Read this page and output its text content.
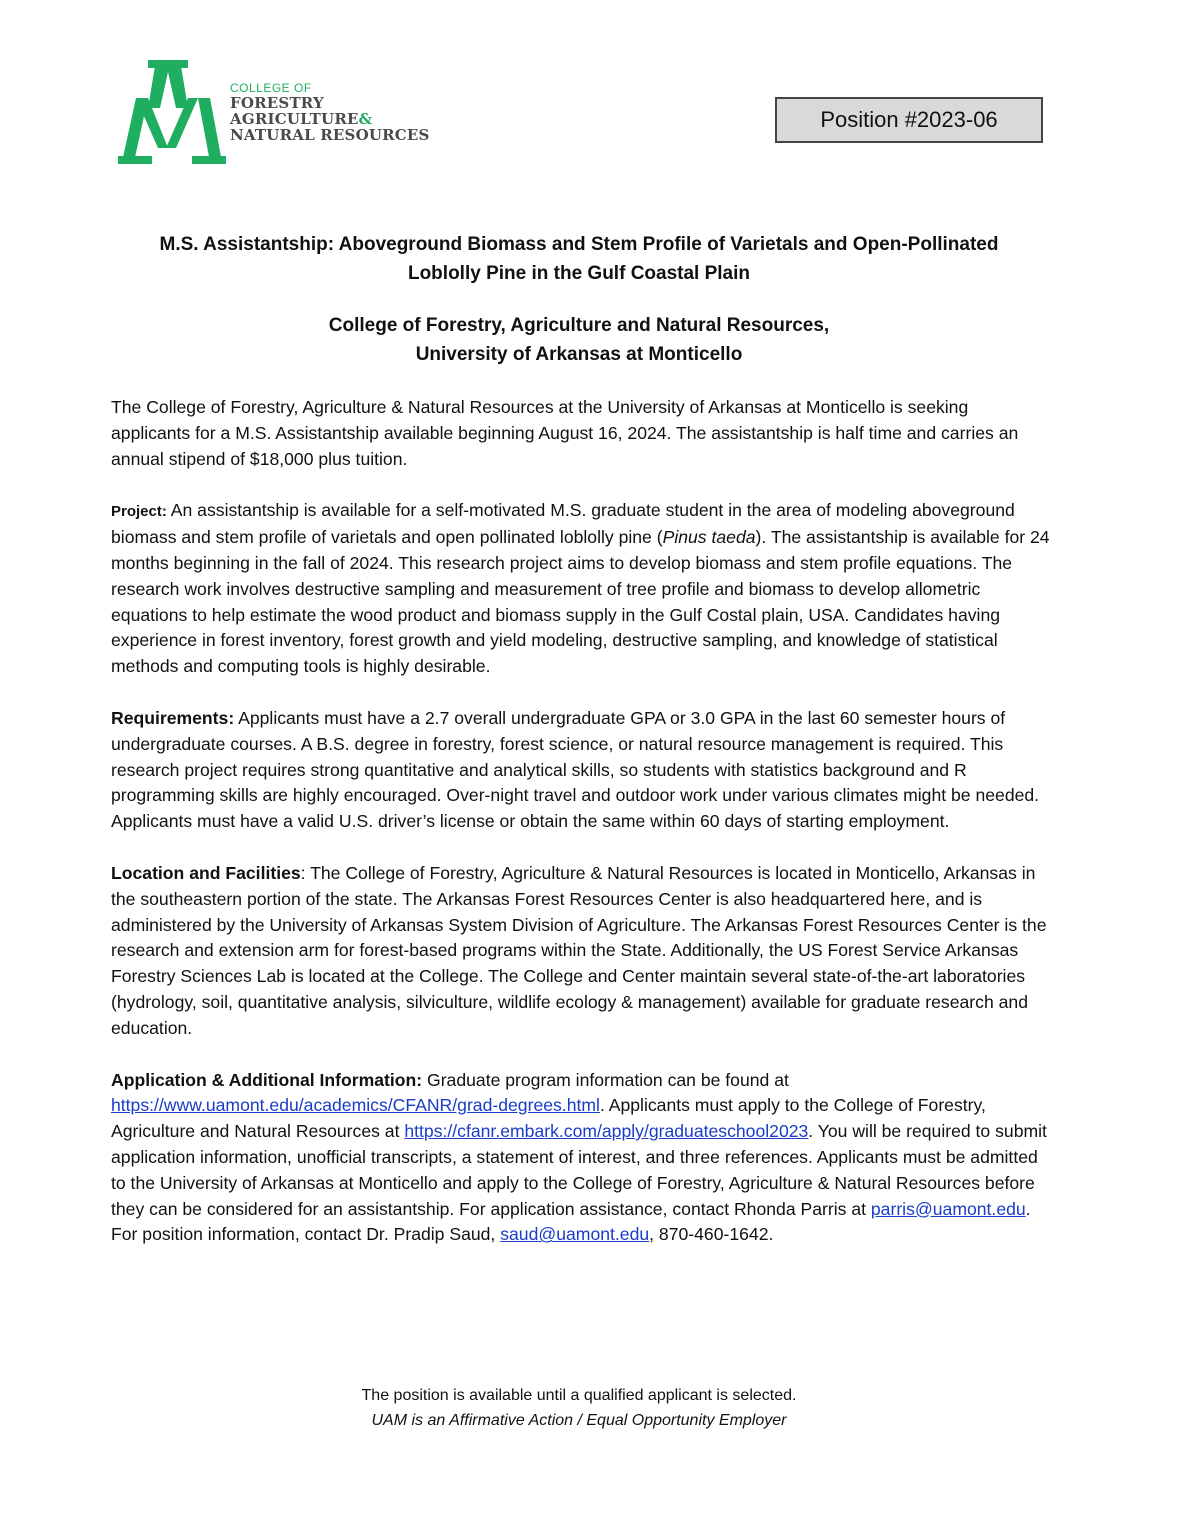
COLLEGE OF
FORESTRY
AGRICULTURE&
NATURAL RESOURCES
Position #2023-06
M.S. Assistantship: Aboveground Biomass and Stem Profile of Varietals and Open-Pollinated
Loblolly Pine in the Gulf Coastal Plain
College of Forestry, Agriculture and Natural Resources,
University of Arkansas at Monticello

The College of Forestry, Agriculture & Natural Resources at the University of Arkansas at Monticello is seeking applicants for a M.S. Assistantship available beginning August 16, 2024. The assistantship is half time and carries an annual stipend of $18,000 plus tuition.

Project: An assistantship is available for a self-motivated M.S. graduate student in the area of modeling aboveground biomass and stem profile of varietals and open pollinated loblolly pine (Pinus taeda). The assistantship is available for 24 months beginning in the fall of 2024. This research project aims to develop biomass and stem profile equations. The research work involves destructive sampling and measurement of tree profile and biomass to develop allometric equations to help estimate the wood product and biomass supply in the Gulf Costal plain, USA. Candidates having experience in forest inventory, forest growth and yield modeling, destructive sampling, and knowledge of statistical methods and computing tools is highly desirable.

Requirements: Applicants must have a 2.7 overall undergraduate GPA or 3.0 GPA in the last 60 semester hours of undergraduate courses. A B.S. degree in forestry, forest science, or natural resource management is required. This research project requires strong quantitative and analytical skills, so students with statistics background and R programming skills are highly encouraged. Over-night travel and outdoor work under various climates might be needed. Applicants must have a valid U.S. driver’s license or obtain the same within 60 days of starting employment.

Location and Facilities: The College of Forestry, Agriculture & Natural Resources is located in Monticello, Arkansas in the southeastern portion of the state. The Arkansas Forest Resources Center is also headquartered here, and is administered by the University of Arkansas System Division of Agriculture. The Arkansas Forest Resources Center is the research and extension arm for forest-based programs within the State. Additionally, the US Forest Service Arkansas Forestry Sciences Lab is located at the College. The College and Center maintain several state-of-the-art laboratories (hydrology, soil, quantitative analysis, silviculture, wildlife ecology & management) available for graduate research and education.

Application & Additional Information: Graduate program information can be found at https://www.uamont.edu/academics/CFANR/grad-degrees.html. Applicants must apply to the College of Forestry, Agriculture and Natural Resources at https://cfanr.embark.com/apply/graduateschool2023. You will be required to submit application information, unofficial transcripts, a statement of interest, and three references. Applicants must be admitted to the University of Arkansas at Monticello and apply to the College of Forestry, Agriculture & Natural Resources before they can be considered for an assistantship. For application assistance, contact Rhonda Parris at parris@uamont.edu. For position information, contact Dr. Pradip Saud, saud@uamont.edu, 870-460-1642.

The position is available until a qualified applicant is selected.
UAM is an Affirmative Action / Equal Opportunity Employer
